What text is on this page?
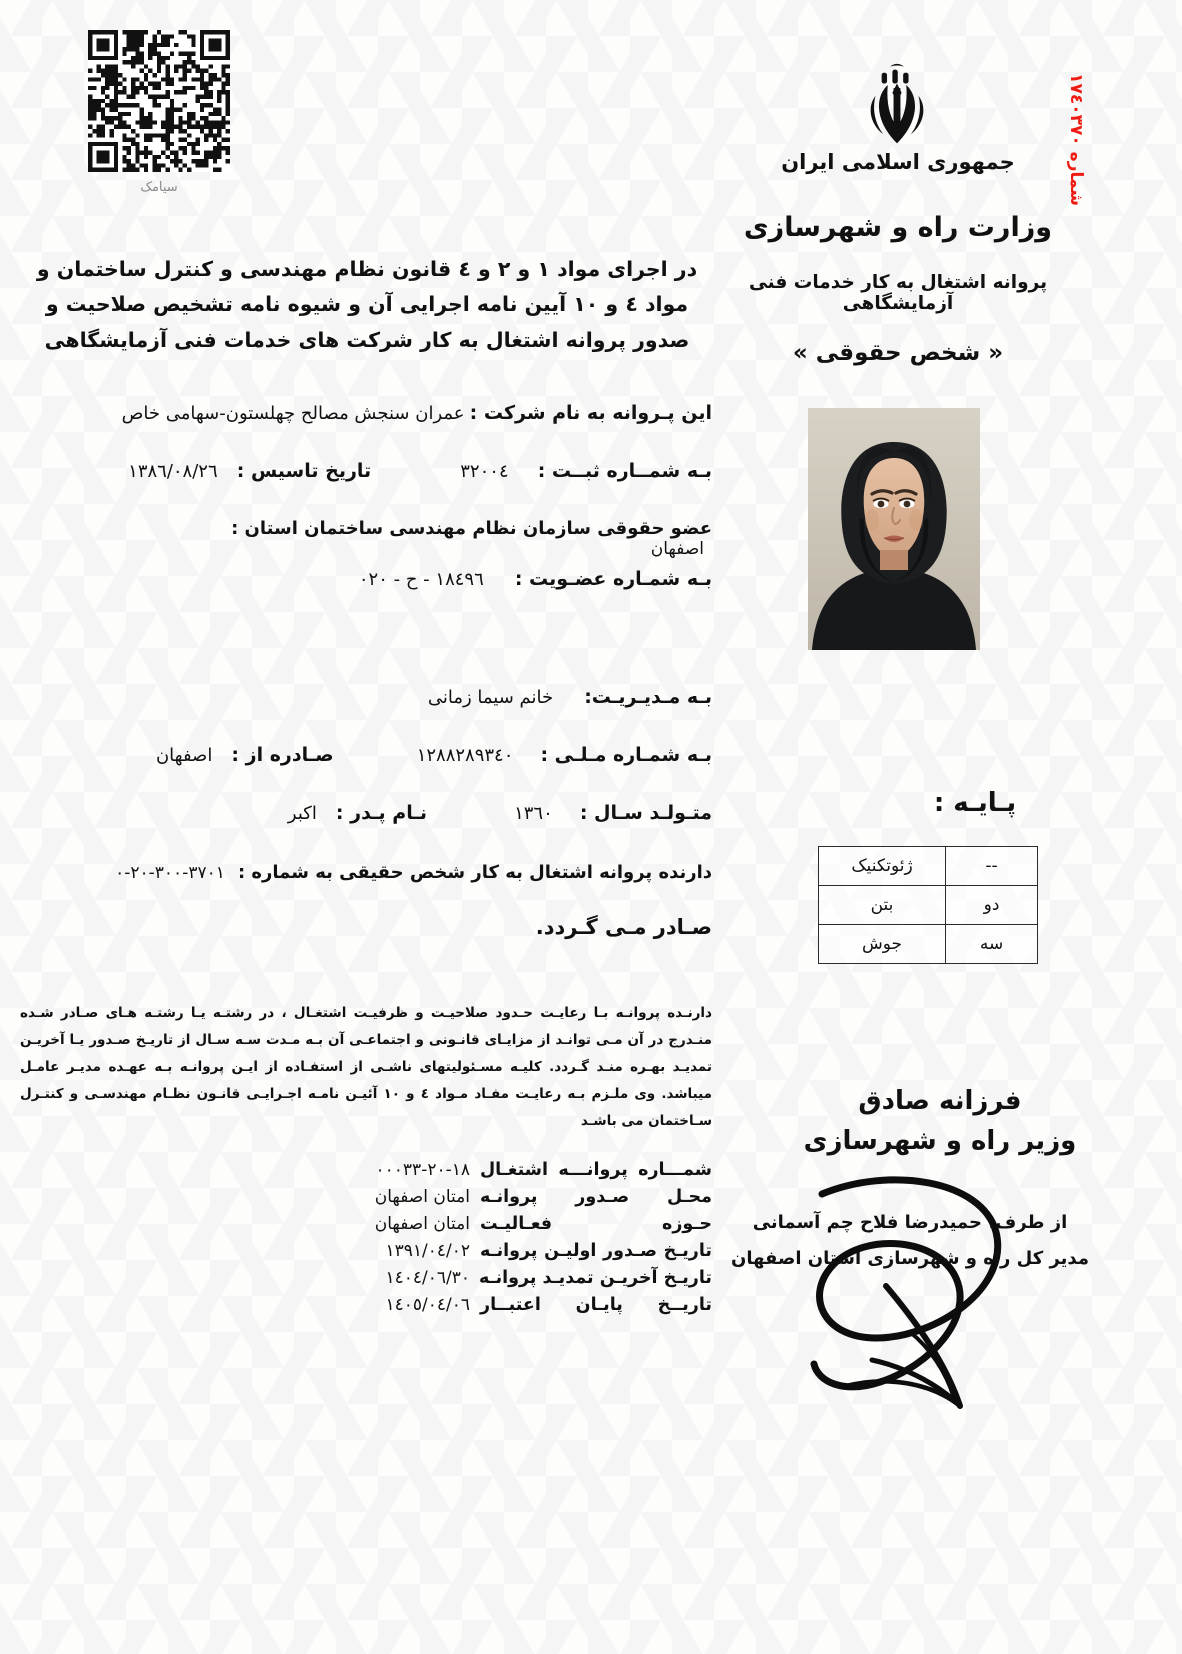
سیامک
شماره ١٧٤٠٣٧٠
جمهوری اسلامی ایران
وزارت راه و شهرسازی
پروانه اشتغال به کار خدمات فنی آزمایشگاهی
« شخص حقوقی »
پـایـه :
--	ژئوتکنیک
دو	بتن
سه	جوش
فرزانه صادق
وزیر راه و شهرسازی
از طرف: حمیدرضا فلاح چم آسمانی
مدیر کل راه و شهرسازی استان اصفهان
در اجرای مواد ١ و ٢ و ٤ قانون نظام مهندسی و کنترل ساختمان و مواد ٤ و ١٠ آیین نامه اجرایی آن و شیوه نامه تشخیص صلاحیت و صدور پروانه اشتغال به کار شرکت های خدمات فنی آزمایشگاهی
این پـروانه به نام شرکت : عمران سنجش مصالح چهلستون-سهامی خاص
بـه شمــاره ثبــت : ٣٢٠٠٤ تاریخ تاسیس : ١٣٨٦/٠٨/٢٦
عضو حقوقی سازمان نظام مهندسی ساختمان استان : اصفهان
بـه شمـاره عضـویت : ١٨٤٩٦ - ح - ٠٢٠
بـه مـدیـریـت: خانم سیما زمانی
بـه شمـاره مـلـی : ١٢٨٨٢٨٩٣٤٠ صـادره از : اصفهان
متـولـد سـال : ١٣٦٠ نـام پـدر : اکبر
دارنده پروانه اشتغال به کار شخص حقیقی به شماره : ٣٧٠١-٣٠٠-٢٠-٠
صـادر مـی گـردد.
دارنـده پروانـه بـا رعایـت حـدود صلاحیـت و ظرفیـت اشتغـال ، در رشتـه یـا رشتـه هـای صـادر شـده منـدرج در آن مـی توانـد از مزایـای قانـونی و اجتماعـی آن بـه مـدت سـه سـال از تاریـخ صـدور یـا آخریـن تمدیـد بهـره منـد گـردد. کلیـه مسـئولیتهای ناشـی از استفـاده از ایـن پروانـه بـه عهـده مدیـر عامـل میباشد. وی ملـزم بـه رعایـت مفـاد مـواد ٤ و ١٠ آئیـن نامـه اجـرایـی قانـون نظـام مهندسـی و کنتـرل سـاختمان می باشـد
شمـــاره پروانـــه اشتغـال
١٨-٢٠-٠٠٠٣٣
محـل صـدور پروانـه
امتان اصفهان
حـوزه فعـالیـت
امتان اصفهان
تاریـخ صـدور اولیـن پروانـه
١٣٩١/٠٤/٠٢
تاریـخ آخریـن تمدیـد پروانـه
١٤٠٤/٠٦/٣٠
تاریــخ پایـان اعتبــار
١٤٠٥/٠٤/٠٦
